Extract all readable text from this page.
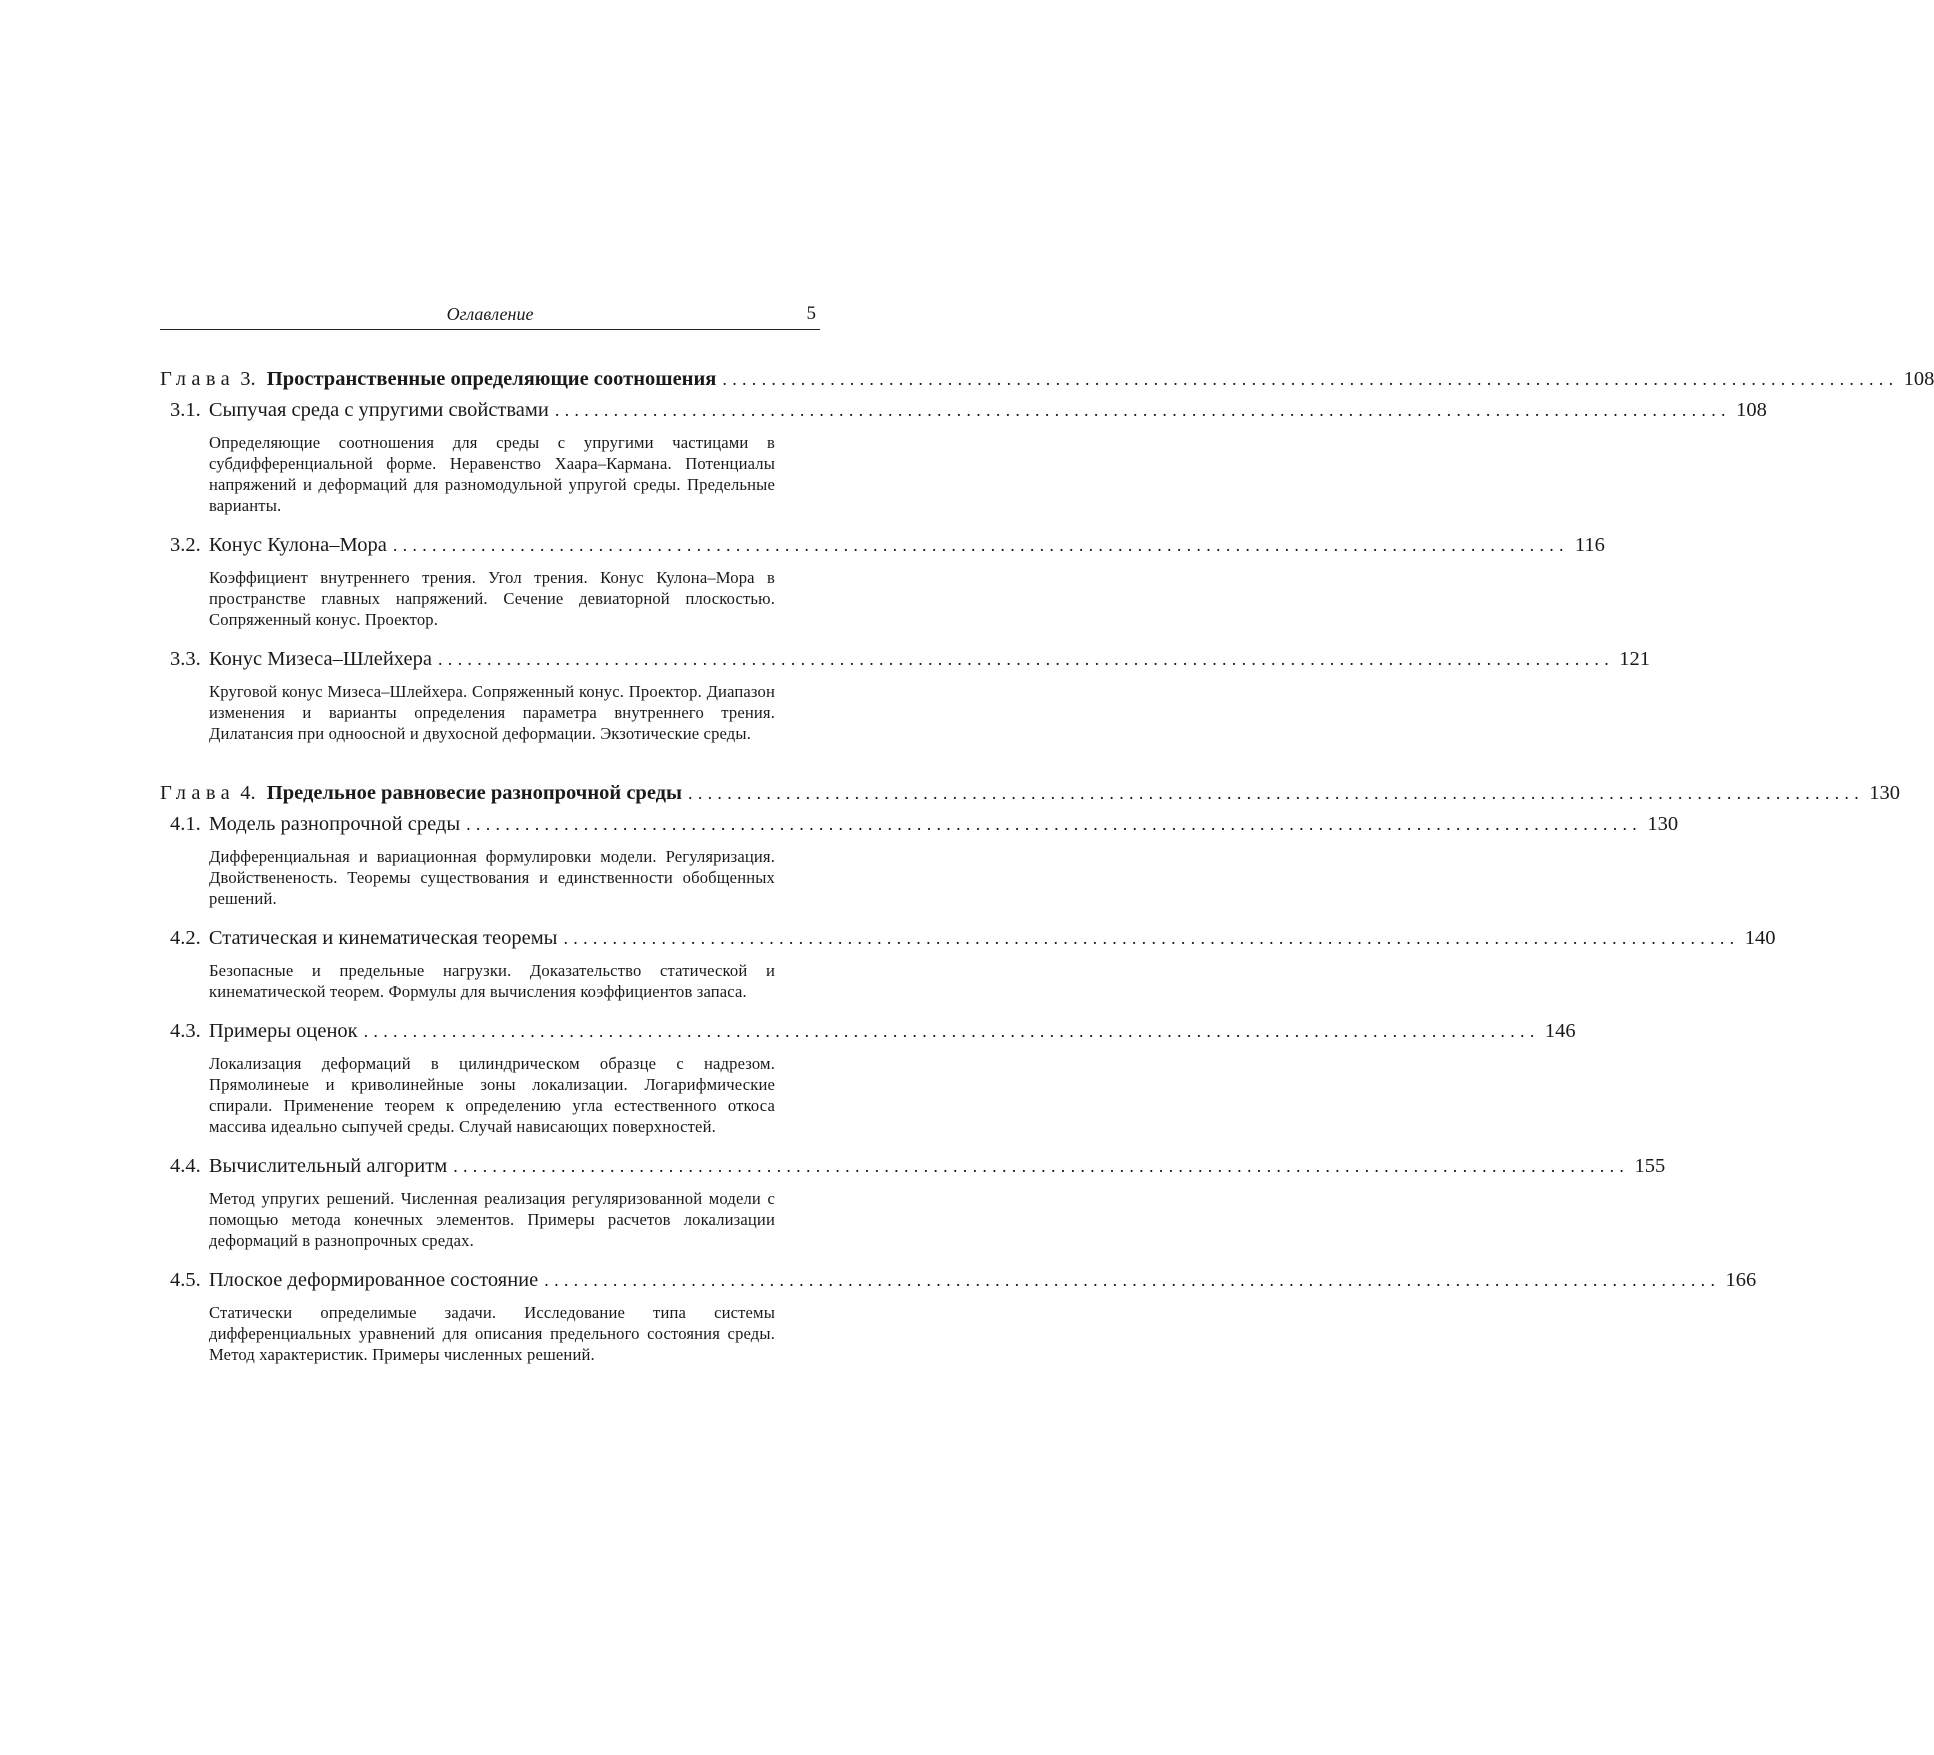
Оглавление	5
Глава 3. Пространственные определяющие соотношения ........................................................................................................................ 108
3.1. Сыпучая среда с упругими свойствами ........................................................................................................................ 108
Определяющие соотношения для среды с упругими частицами в субдифференциальной форме. Неравенство Хаара–Кармана. Потенциалы напряжений и деформаций для разномодульной упругой среды. Предельные варианты.
3.2. Конус Кулона–Мора ........................................................................................................................ 116
Коэффициент внутреннего трения. Угол трения. Конус Кулона–Мора в пространстве главных напряжений. Сечение девиаторной плоскостью. Сопряженный конус. Проектор.
3.3. Конус Мизеса–Шлейхера ........................................................................................................................ 121
Круговой конус Мизеса–Шлейхера. Сопряженный конус. Проектор. Диапазон изменения и варианты определения параметра внутреннего трения. Дилатансия при одноосной и двухосной деформации. Экзотические среды.
Глава 4. Предельное равновесие разнопрочной среды ........................................................................................................................ 130
4.1. Модель разнопрочной среды ........................................................................................................................ 130
Дифференциальная и вариационная формулировки модели. Регуляризация. Двойствененость. Теоремы существования и единственности обобщенных решений.
4.2. Статическая и кинематическая теоремы ........................................................................................................................ 140
Безопасные и предельные нагрузки. Доказательство статической и кинематической теорем. Формулы для вычисления коэффициентов запаса.
4.3. Примеры оценок ........................................................................................................................ 146
Локализация деформаций в цилиндрическом образце с надрезом. Прямолинеые и криволинейные зоны локализации. Логарифмические спирали. Применение теорем к определению угла естественного откоса массива идеально сыпучей среды. Случай нависающих поверхностей.
4.4. Вычислительный алгоритм ........................................................................................................................ 155
Метод упругих решений. Численная реализация регуляризованной модели с помощью метода конечных элементов. Примеры расчетов локализации деформаций в разнопрочных средах.
4.5. Плоское деформированное состояние ........................................................................................................................ 166
Статически определимые задачи. Исследование типа системы дифференциальных уравнений для описания предельного состояния среды. Метод характеристик. Примеры численных решений.
